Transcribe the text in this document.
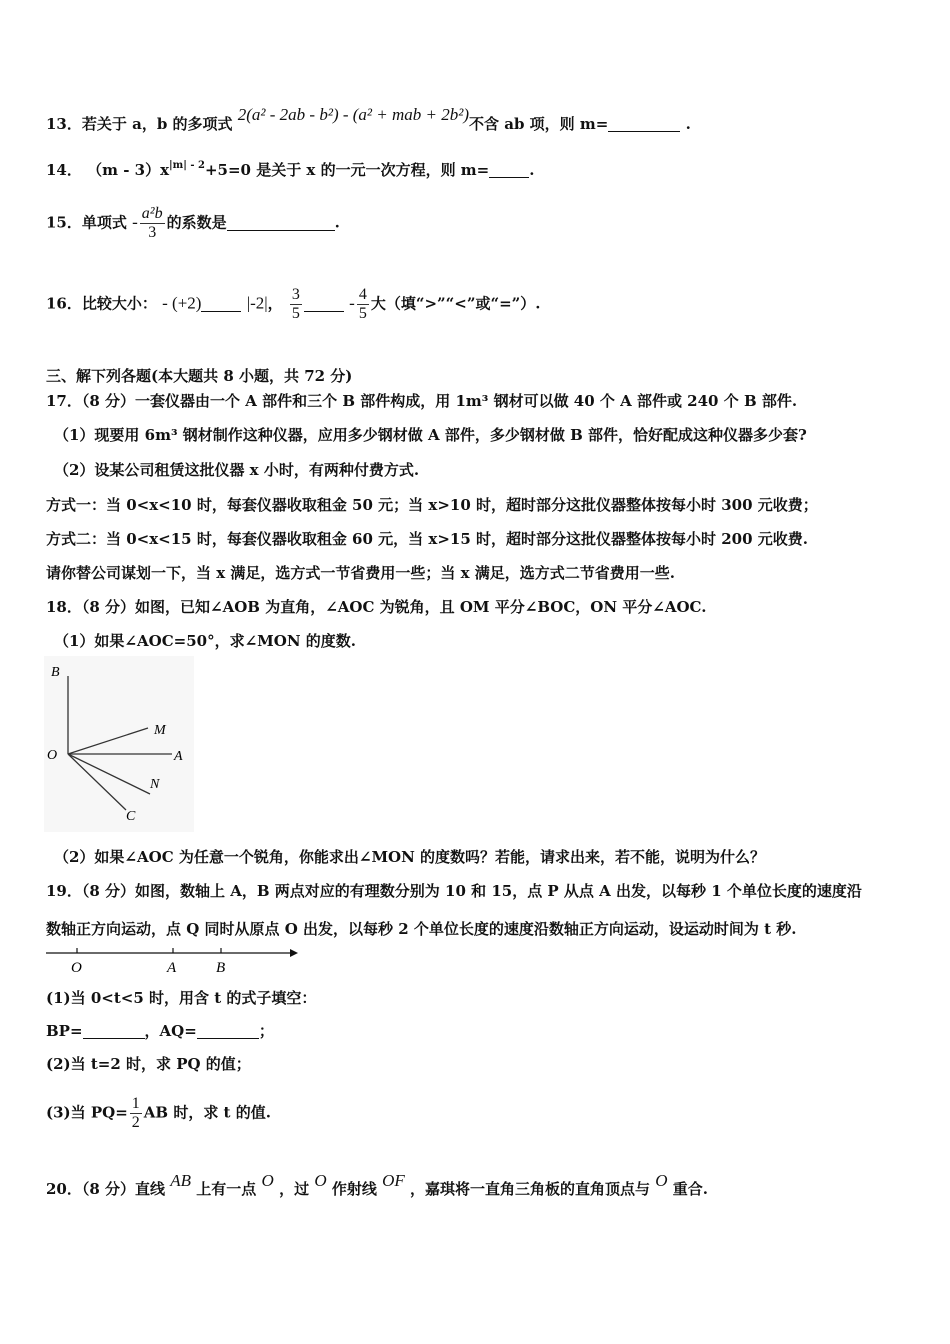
13．若关于 a，b 的多项式 2(a² - 2ab - b²) - (a² + mab + 2b²)不含 ab 项，则 m=	.
14． $(m - 3)x^{|m| - 2}+5=0$ 是关于 x 的一元一次方程，则 m=	.
15．单项式 - $\frac{\text{a²b}}{3}$ 的系数是	.
16．比较大小： - (+2)	|-2|， $\frac{3}{5}$	- $\frac{4}{5}$ 大（填“>”“<”或“=”）.
三、解下列各题(本大题共 8 小题，共 72 分)
17．（8 分）一套仪器由一个 A 部件和三个 B 部件构成，用 1m³ 钢材可以做 40 个 A 部件或 240 个 B 部件.
（1）现要用 6m³ 钢材制作这种仪器，应用多少钢材做 A 部件，多少钢材做 B 部件，恰好配成这种仪器多少套?
（2）设某公司租赁这批仪器 x 小时，有两种付费方式.
方式一：当 0<x<10 时，每套仪器收取租金 50 元；当 x>10 时，超时部分这批仪器整体按每小时 300 元收费；
方式二：当 0<x<15 时，每套仪器收取租金 60 元，当 x>15 时，超时部分这批仪器整体按每小时 200 元收费.
请你替公司谋划一下，当 x 满足，选方式一节省费用一些；当 x 满足，选方式二节省费用一些.
18．（8 分）如图，已知∠AOB 为直角，∠AOC 为锐角，且 OM 平分∠BOC，ON 平分∠AOC.
（1）如果∠AOC=50°，求∠MON 的度数.
B
O
M
A
N
C
（2）如果∠AOC 为任意一个锐角，你能求出∠MON 的度数吗？若能，请求出来，若不能，说明为什么？
19．（8 分）如图，数轴上 A，B 两点对应的有理数分别为 10 和 15，点 P 从点 A 出发，以每秒 1 个单位长度的速度沿
数轴正方向运动，点 Q 同时从原点 O 出发，以每秒 2 个单位长度的速度沿数轴正方向运动，设运动时间为 t 秒.
O	A	B
(1)当 0<t<5 时，用含 t 的式子填空：
BP=	，AQ=	；
(2)当 t=2 时，求 PQ 的值；
(3)当 $PQ= \frac{1}{2}$ AB 时，求 t 的值.
20．（8 分）直线 AB 上有一点 O ，过 O 作射线 OF ，嘉琪将一直角三角板的直角顶点与 O 重合.
